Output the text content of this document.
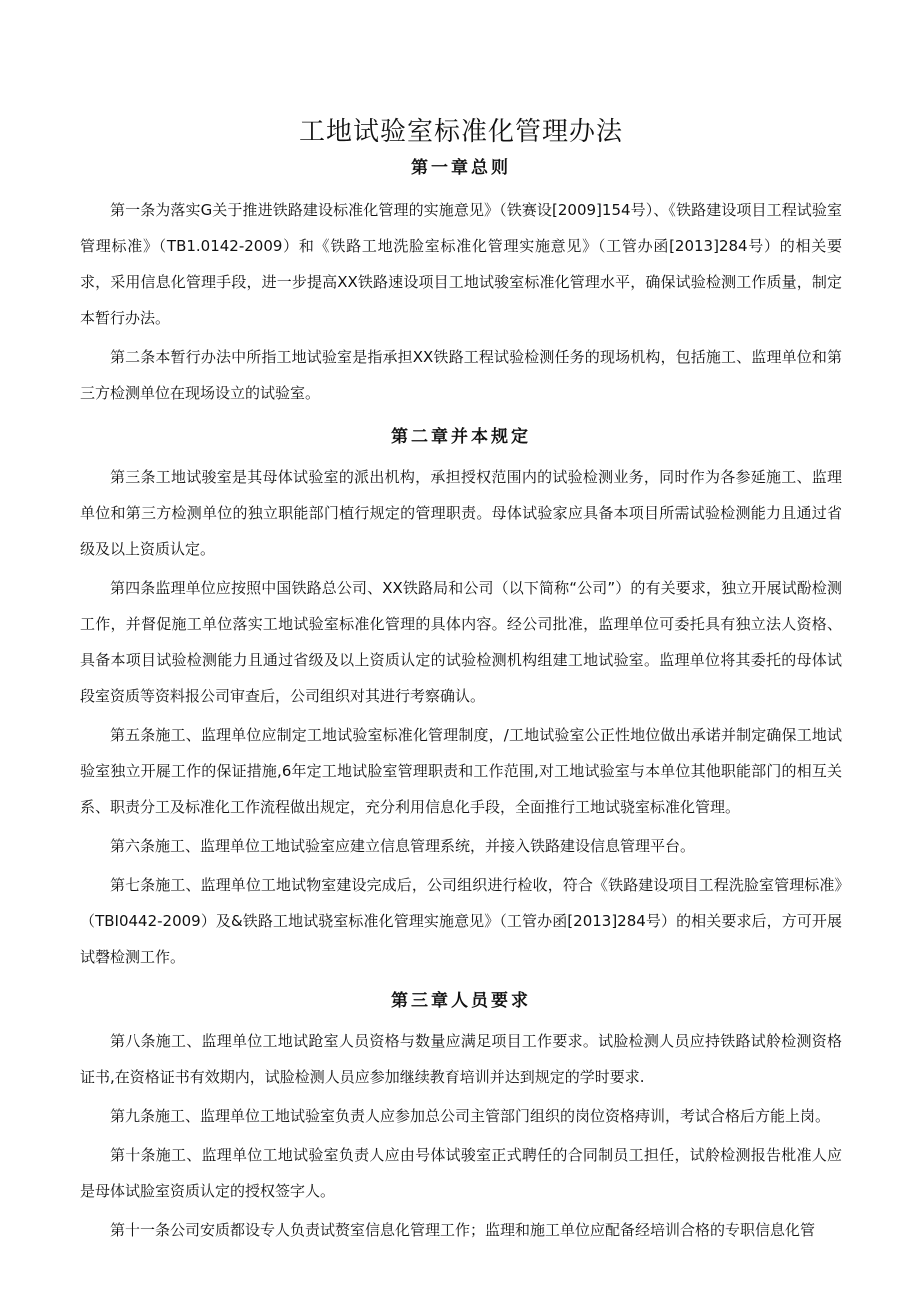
工地试验室标准化管理办法
第一章总则

第一条为落实G关于推进铁路建设标准化管理的实施意见》（铁赛设[2009]154号）、《铁路建设项目工程试验室管理标准》（TB1.0142-2009）和《铁路工地洗脸室标准化管理实施意见》（工管办函[2013]284号）的相关要求，采用信息化管理手段，进一步提高XX铁路速设项目工地试骏室标准化管理水平，确保试验检测工作质量，制定本暂行办法。

第二条本暂行办法中所指工地试验室是指承担XX铁路工程试验检测任务的现场机构，包括施工、监理单位和第三方检测单位在现场设立的试验室。

第二章并本规定

第三条工地试骏室是其母体试验室的派出机构，承担授权范围内的试验检测业务，同时作为各参延施工、监理单位和第三方检测单位的独立职能部门植行规定的管理职责。母体试验家应具备本项目所需试验检测能力且通过省级及以上资质认定。

第四条监理单位应按照中国铁路总公司、XX铁路局和公司（以下简称“公司”）的有关要求，独立开展试酚检测工作，并督促施工单位落实工地试验室标准化管理的具体内容。经公司批准，监理单位可委托具有独立法人资格、具备本项目试验检测能力且通过省级及以上资质认定的试验检测机构组建工地试验室。监理单位将其委托的母体试段室资质等资料报公司审查后，公司组织对其进行考察确认。

第五条施工、监理单位应制定工地试验室标准化管理制度，/工地试验室公正性地位做出承诺并制定确保工地试验室独立开屣工作的保证措施,6年定工地试脸室管理职责和工作范围,对工地试验室与本单位其他职能部门的相互关系、职责分工及标准化工作流程做出规定，充分利用信息化手段，全面推行工地试骁室标准化管理。

第六条施工、监理单位工地试验室应建立信息管理系统，并接入铁路建设信息管理平台。

第七条施工、监理单位工地试物室建设完成后，公司组织进行检收，符合《铁路建设项目工程洗脸室管理标准》（TBI0442-2009）及&铁路工地试骁室标准化管理实施意见》（工管办函[2013]284号）的相关要求后，方可开展试磬检测工作。

第三章人员要求

第八条施工、监理单位工地试跄室人员资格与数量应满足项目工作要求。试脸检测人员应持铁路试舲检测资格证书,在资格证书有效期内，试脸检测人员应参加继续教育培训并达到规定的学时要求.

第九条施工、监理单位工地试验室负责人应参加总公司主管部门组织的岗位资格痔训，考试合格后方能上岗。

第十条施工、监理单位工地试验室负责人应由号体试骏室正式聘任的合同制员工担任，试舲检测报告枇准人应是母体试脸室资质认定的授权签字人。

第十一条公司安质都设专人负责试赘室信息化管理工作；监理和施工单位应配备经培训合格的专职信息化管
